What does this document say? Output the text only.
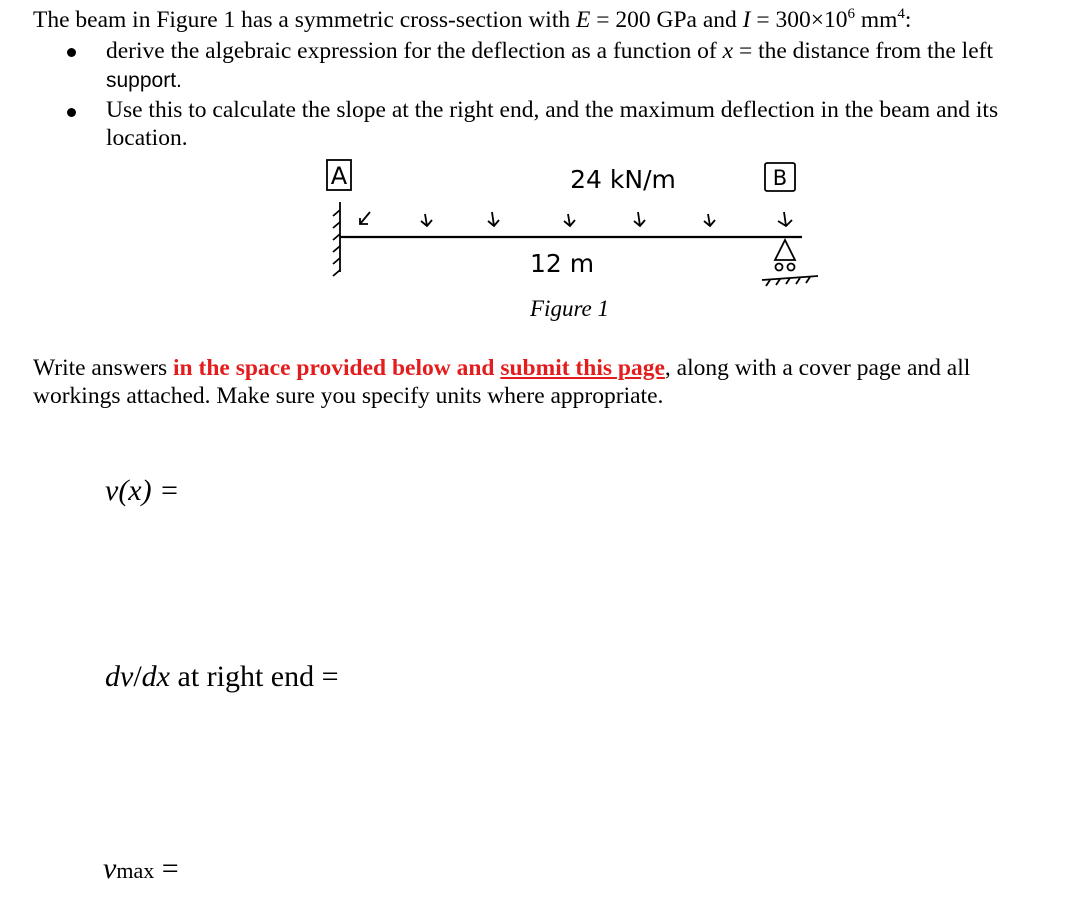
The beam in Figure 1 has a symmetric cross-section with E = 200 GPa and $I = 300\times 10^6$ $mm^4$:
derive the algebraic expression for the deflection as a function of x = the distance from the left
support.
Use this to calculate the slope at the right end, and the maximum deflection in the beam and its
location.
A	24 kN/m	B
12 m
Figure 1
Write answers in the space provided below and submit this page, along with a cover page and all
workings attached. Make sure you specify units where appropriate.
v(x) =
dv/dx at right end =
vmax =
